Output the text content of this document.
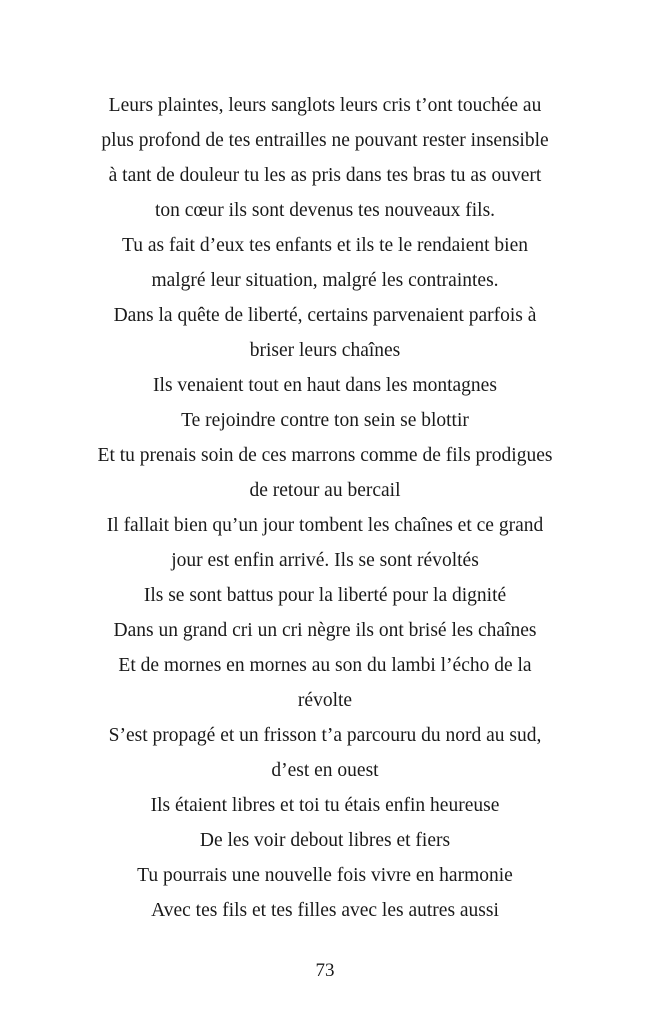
Leurs plaintes, leurs sanglots leurs cris t’ont touchée au
plus profond de tes entrailles ne pouvant rester insensible
à tant de douleur tu les as pris dans tes bras tu as ouvert
ton cœur ils sont devenus tes nouveaux fils.
Tu as fait d’eux tes enfants et ils te le rendaient bien
malgré leur situation, malgré les contraintes.
Dans la quête de liberté, certains parvenaient parfois à
briser leurs chaînes
Ils venaient tout en haut dans les montagnes
Te rejoindre contre ton sein se blottir
Et tu prenais soin de ces marrons comme de fils prodigues
de retour au bercail
Il fallait bien qu’un jour tombent les chaînes et ce grand
jour est enfin arrivé. Ils se sont révoltés
Ils se sont battus pour la liberté pour la dignité
Dans un grand cri un cri nègre ils ont brisé les chaînes
Et de mornes en mornes au son du lambi l’écho de la
révolte
S’est propagé et un frisson t’a parcouru du nord au sud,
d’est en ouest
Ils étaient libres et toi tu étais enfin heureuse
De les voir debout libres et fiers
Tu pourrais une nouvelle fois vivre en harmonie
Avec tes fils et tes filles avec les autres aussi
73
